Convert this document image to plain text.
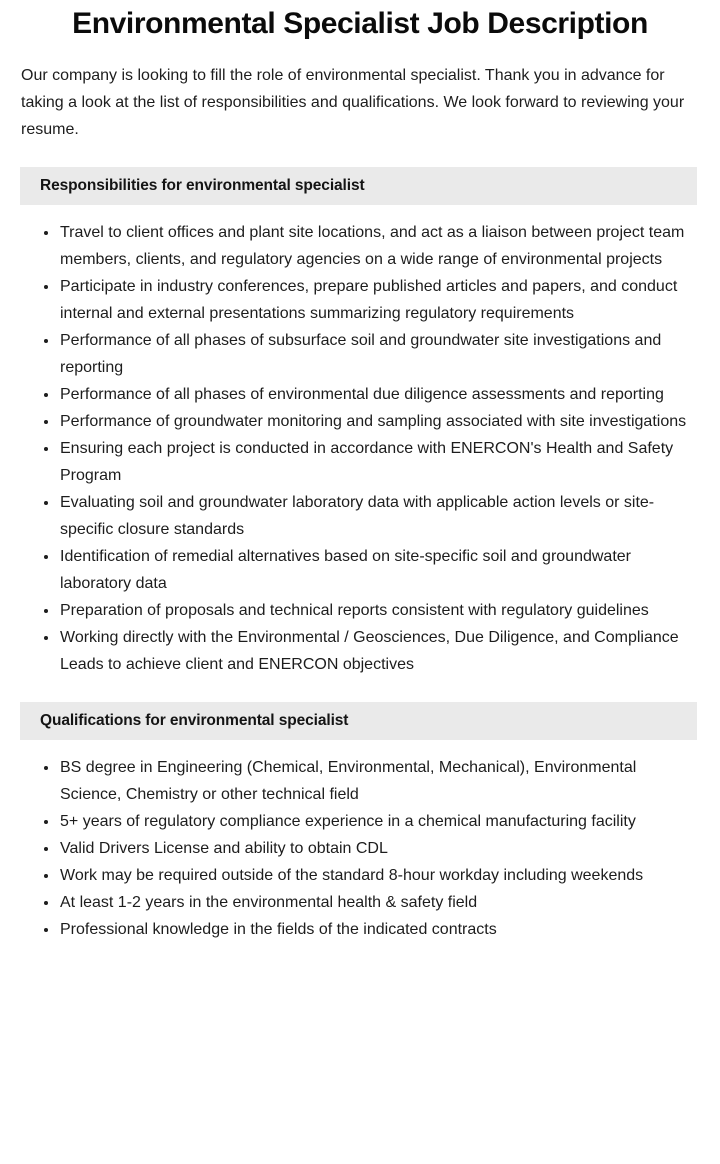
Environmental Specialist Job Description

Our company is looking to fill the role of environmental specialist. Thank you in advance for taking a look at the list of responsibilities and qualifications. We look forward to reviewing your resume.

Responsibilities for environmental specialist
Travel to client offices and plant site locations, and act as a liaison between project team members, clients, and regulatory agencies on a wide range of environmental projects
Participate in industry conferences, prepare published articles and papers, and conduct internal and external presentations summarizing regulatory requirements
Performance of all phases of subsurface soil and groundwater site investigations and reporting
Performance of all phases of environmental due diligence assessments and reporting
Performance of groundwater monitoring and sampling associated with site investigations
Ensuring each project is conducted in accordance with ENERCON's Health and Safety Program
Evaluating soil and groundwater laboratory data with applicable action levels or site-specific closure standards
Identification of remedial alternatives based on site-specific soil and groundwater laboratory data
Preparation of proposals and technical reports consistent with regulatory guidelines
Working directly with the Environmental / Geosciences, Due Diligence, and Compliance Leads to achieve client and ENERCON objectives
Qualifications for environmental specialist
BS degree in Engineering (Chemical, Environmental, Mechanical), Environmental Science, Chemistry or other technical field
5+ years of regulatory compliance experience in a chemical manufacturing facility
Valid Drivers License and ability to obtain CDL
Work may be required outside of the standard 8-hour workday including weekends
At least 1-2 years in the environmental health & safety field
Professional knowledge in the fields of the indicated contracts
